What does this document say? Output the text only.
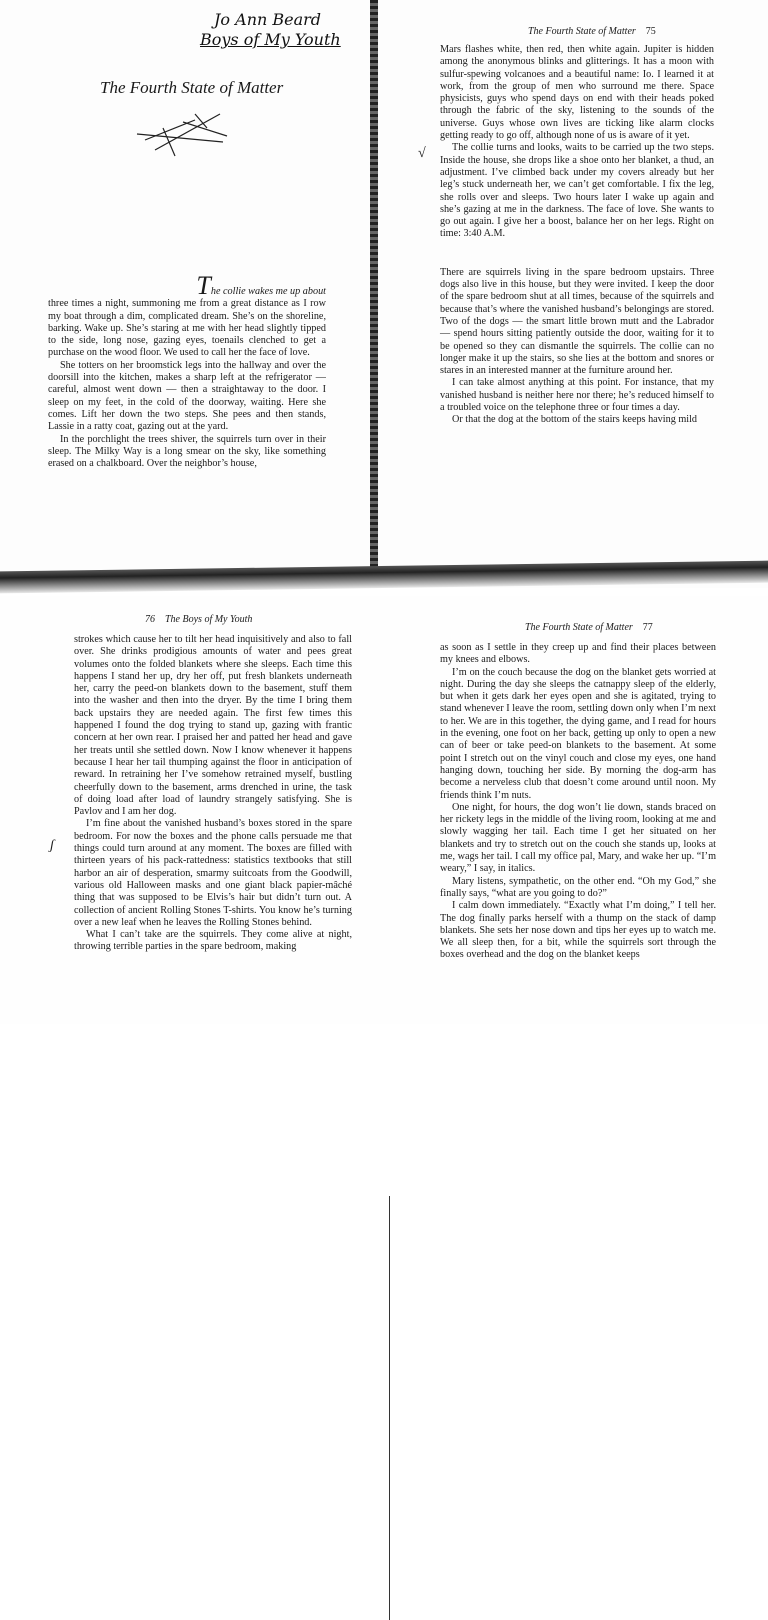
Jo Ann Beard
Boys of My Youth
The Fourth State of Matter

The collie wakes me up about

three times a night, summoning me from a great distance as I row my boat through a dim, complicated dream. She’s on the shoreline, barking. Wake up. She’s staring at me with her head slightly tipped to the side, long nose, gazing eyes, toenails clenched to get a purchase on the wood floor. We used to call her the face of love.

She totters on her broomstick legs into the hallway and over the doorsill into the kitchen, makes a sharp left at the refrigerator — careful, almost went down — then a straightaway to the door. I sleep on my feet, in the cold of the doorway, waiting. Here she comes. Lift her down the two steps. She pees and then stands, Lassie in a ratty coat, gazing out at the yard.

In the porchlight the trees shiver, the squirrels turn over in their sleep. The Milky Way is a long smear on the sky, like something erased on a chalkboard. Over the neighbor’s house,

The Fourth State of Matter 75

Mars flashes white, then red, then white again. Jupiter is hidden among the anonymous blinks and glitterings. It has a moon with sulfur-spewing volcanoes and a beautiful name: Io. I learned it at work, from the group of men who surround me there. Space physicists, guys who spend days on end with their heads poked through the fabric of the sky, listening to the sounds of the universe. Guys whose own lives are ticking like alarm clocks getting ready to go off, although none of us is aware of it yet.

The collie turns and looks, waits to be carried up the two steps. Inside the house, she drops like a shoe onto her blanket, a thud, an adjustment. I’ve climbed back under my covers already but her leg’s stuck underneath her, we can’t get comfortable. I fix the leg, she rolls over and sleeps. Two hours later I wake up again and she’s gazing at me in the darkness. The face of love. She wants to go out again. I give her a boost, balance her on her legs. Right on time: 3:40 A.M.

There are squirrels living in the spare bedroom upstairs. Three dogs also live in this house, but they were invited. I keep the door of the spare bedroom shut at all times, because of the squirrels and because that’s where the vanished husband’s belongings are stored. Two of the dogs — the smart little brown mutt and the Labrador — spend hours sitting patiently outside the door, waiting for it to be opened so they can dismantle the squirrels. The collie can no longer make it up the stairs, so she lies at the bottom and snores or stares in an interested manner at the furniture around her.

I can take almost anything at this point. For instance, that my vanished husband is neither here nor there; he’s reduced himself to a troubled voice on the telephone three or four times a day.

Or that the dog at the bottom of the stairs keeps having mild

√
76 The Boys of My Youth

strokes which cause her to tilt her head inquisitively and also to fall over. She drinks prodigious amounts of water and pees great volumes onto the folded blankets where she sleeps. Each time this happens I stand her up, dry her off, put fresh blankets underneath her, carry the peed-on blankets down to the basement, stuff them into the washer and then into the dryer. By the time I bring them back upstairs they are needed again. The first few times this happened I found the dog trying to stand up, gazing with frantic concern at her own rear. I praised her and patted her head and gave her treats until she settled down. Now I know whenever it happens because I hear her tail thumping against the floor in anticipation of reward. In retraining her I’ve somehow retrained myself, bustling cheerfully down to the basement, arms drenched in urine, the task of doing load after load of laundry strangely satisfying. She is Pavlov and I am her dog.

I’m fine about the vanished husband’s boxes stored in the spare bedroom. For now the boxes and the phone calls persuade me that things could turn around at any moment. The boxes are filled with thirteen years of his pack-rattedness: statistics textbooks that still harbor an air of desperation, smarmy suitcoats from the Goodwill, various old Halloween masks and one giant black papier-mâché thing that was supposed to be Elvis’s hair but didn’t turn out. A collection of ancient Rolling Stones T-shirts. You know he’s turning over a new leaf when he leaves the Rolling Stones behind.

What I can’t take are the squirrels. They come alive at night, throwing terrible parties in the spare bedroom, making

ʃ
The Fourth State of Matter 77

as soon as I settle in they creep up and find their places between my knees and elbows.

I’m on the couch because the dog on the blanket gets worried at night. During the day she sleeps the catnappy sleep of the elderly, but when it gets dark her eyes open and she is agitated, trying to stand whenever I leave the room, settling down only when I’m next to her. We are in this together, the dying game, and I read for hours in the evening, one foot on her back, getting up only to open a new can of beer or take peed-on blankets to the basement. At some point I stretch out on the vinyl couch and close my eyes, one hand hanging down, touching her side. By morning the dog-arm has become a nerveless club that doesn’t come around until noon. My friends think I’m nuts.

One night, for hours, the dog won’t lie down, stands braced on her rickety legs in the middle of the living room, looking at me and slowly wagging her tail. Each time I get her situated on her blankets and try to stretch out on the couch she stands up, looks at me, wags her tail. I call my office pal, Mary, and wake her up. “I’m weary,” I say, in italics.

Mary listens, sympathetic, on the other end. “Oh my God,” she finally says, “what are you going to do?”

I calm down immediately. “Exactly what I’m doing,” I tell her. The dog finally parks herself with a thump on the stack of damp blankets. She sets her nose down and tips her eyes up to watch me. We all sleep then, for a bit, while the squirrels sort through the boxes overhead and the dog on the blanket keeps
